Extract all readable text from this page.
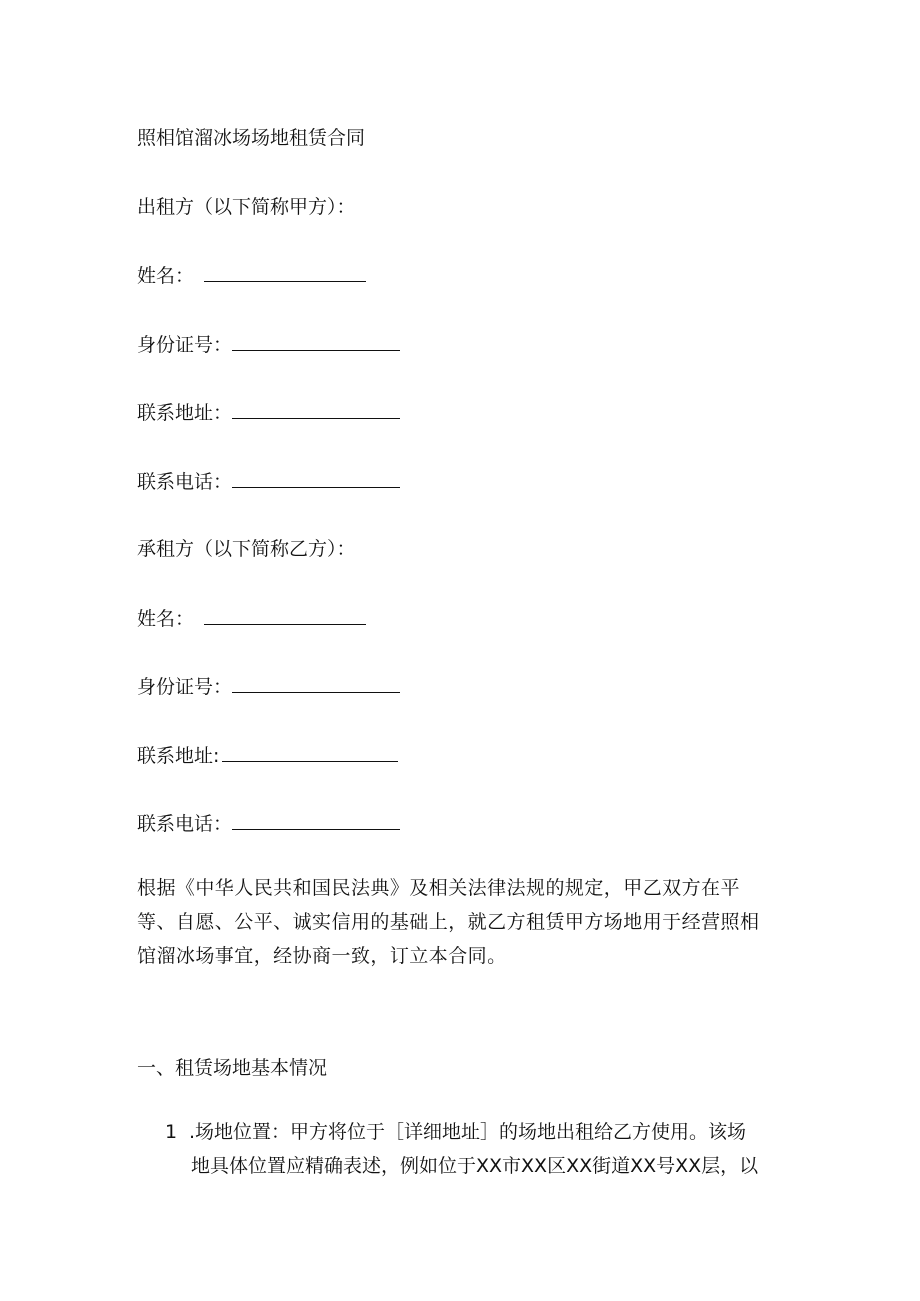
照相馆溜冰场场地租赁合同
出租方（以下简称甲方）：
姓名：
身份证号：
联系地址：
联系电话：
承租方（以下简称乙方）：
姓名：
身份证号：
联系地址:
联系电话：
根据《中华人民共和国民法典》及相关法律法规的规定，甲乙双方在平
等、自愿、公平、诚实信用的基础上，就乙方租赁甲方场地用于经营照相
馆溜冰场事宜，经协商一致，订立本合同。
一、租赁场地基本情况
1 .场地位置：甲方将位于［详细地址］的场地出租给乙方使用。该场
地具体位置应精确表述，例如位于XX市XX区XX街道XX号XX层，以
